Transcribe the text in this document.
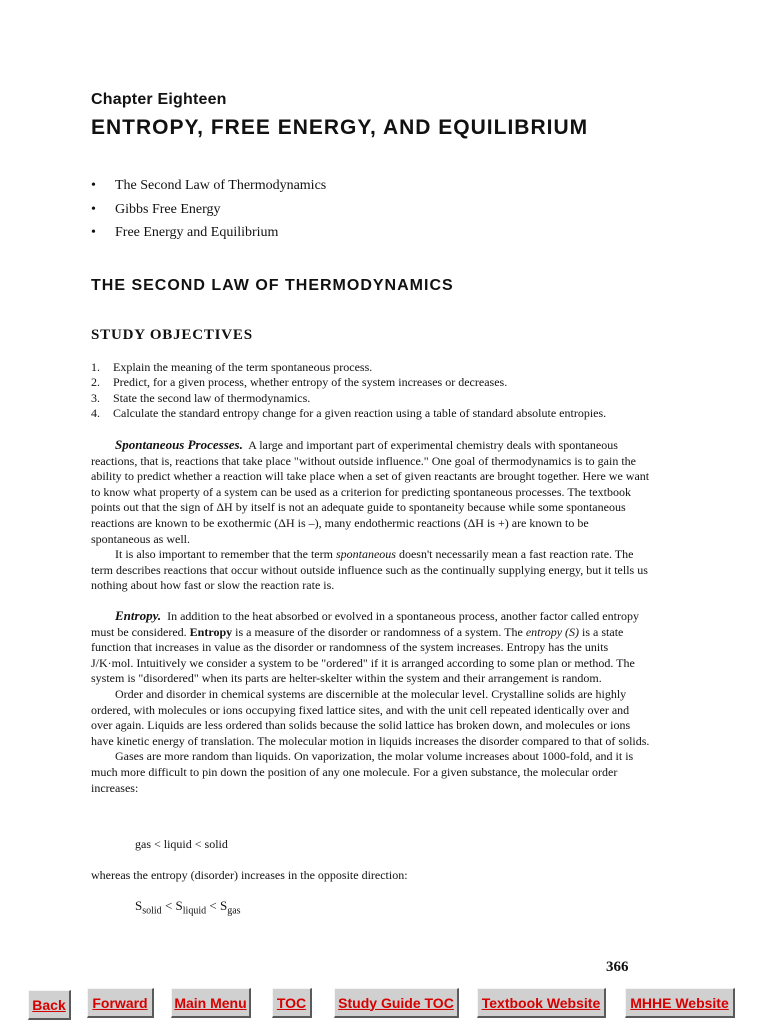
Chapter Eighteen
ENTROPY, FREE ENERGY, AND EQUILIBRIUM
•	The Second Law of Thermodynamics
•	Gibbs Free Energy
•	Free Energy and Equilibrium
THE SECOND LAW OF THERMODYNAMICS
STUDY OBJECTIVES
1.	Explain the meaning of the term spontaneous process.
2.	Predict, for a given process, whether entropy of the system increases or decreases.
3.	State the second law of thermodynamics.
4.	Calculate the standard entropy change for a given reaction using a table of standard absolute entropies.

Spontaneous Processes. A large and important part of experimental chemistry deals with spontaneous reactions, that is, reactions that take place "without outside influence." One goal of thermodynamics is to gain the ability to predict whether a reaction will take place when a set of given reactants are brought together. Here we want to know what property of a system can be used as a criterion for predicting spontaneous processes. The textbook points out that the sign of ΔH by itself is not an adequate guide to spontaneity because while some spontaneous reactions are known to be exothermic (ΔH is –), many endothermic reactions (ΔH is +) are known to be spontaneous as well.

It is also important to remember that the term spontaneous doesn't necessarily mean a fast reaction rate. The term describes reactions that occur without outside influence such as the continually supplying energy, but it tells us nothing about how fast or slow the reaction rate is.

Entropy. In addition to the heat absorbed or evolved in a spontaneous process, another factor called entropy must be considered. Entropy is a measure of the disorder or randomness of a system. The entropy (S) is a state function that increases in value as the disorder or randomness of the system increases. Entropy has the units J/K·mol. Intuitively we consider a system to be "ordered" if it is arranged according to some plan or method. The system is "disordered" when its parts are helter-skelter within the system and their arrangement is random.

Order and disorder in chemical systems are discernible at the molecular level. Crystalline solids are highly ordered, with molecules or ions occupying fixed lattice sites, and with the unit cell repeated identically over and over again. Liquids are less ordered than solids because the solid lattice has broken down, and molecules or ions have kinetic energy of translation. The molecular motion in liquids increases the disorder compared to that of solids.

Gases are more random than liquids. On vaporization, the molar volume increases about 1000-fold, and it is much more difficult to pin down the position of any one molecule. For a given substance, the molecular order increases:

gas < liquid < solid
whereas the entropy (disorder) increases in the opposite direction:
$S_{solid} < S_{liquid} < S_{gas}$
366
Back	Forward	Main Menu	TOC	Study Guide TOC	Textbook Website	MHHE Website
